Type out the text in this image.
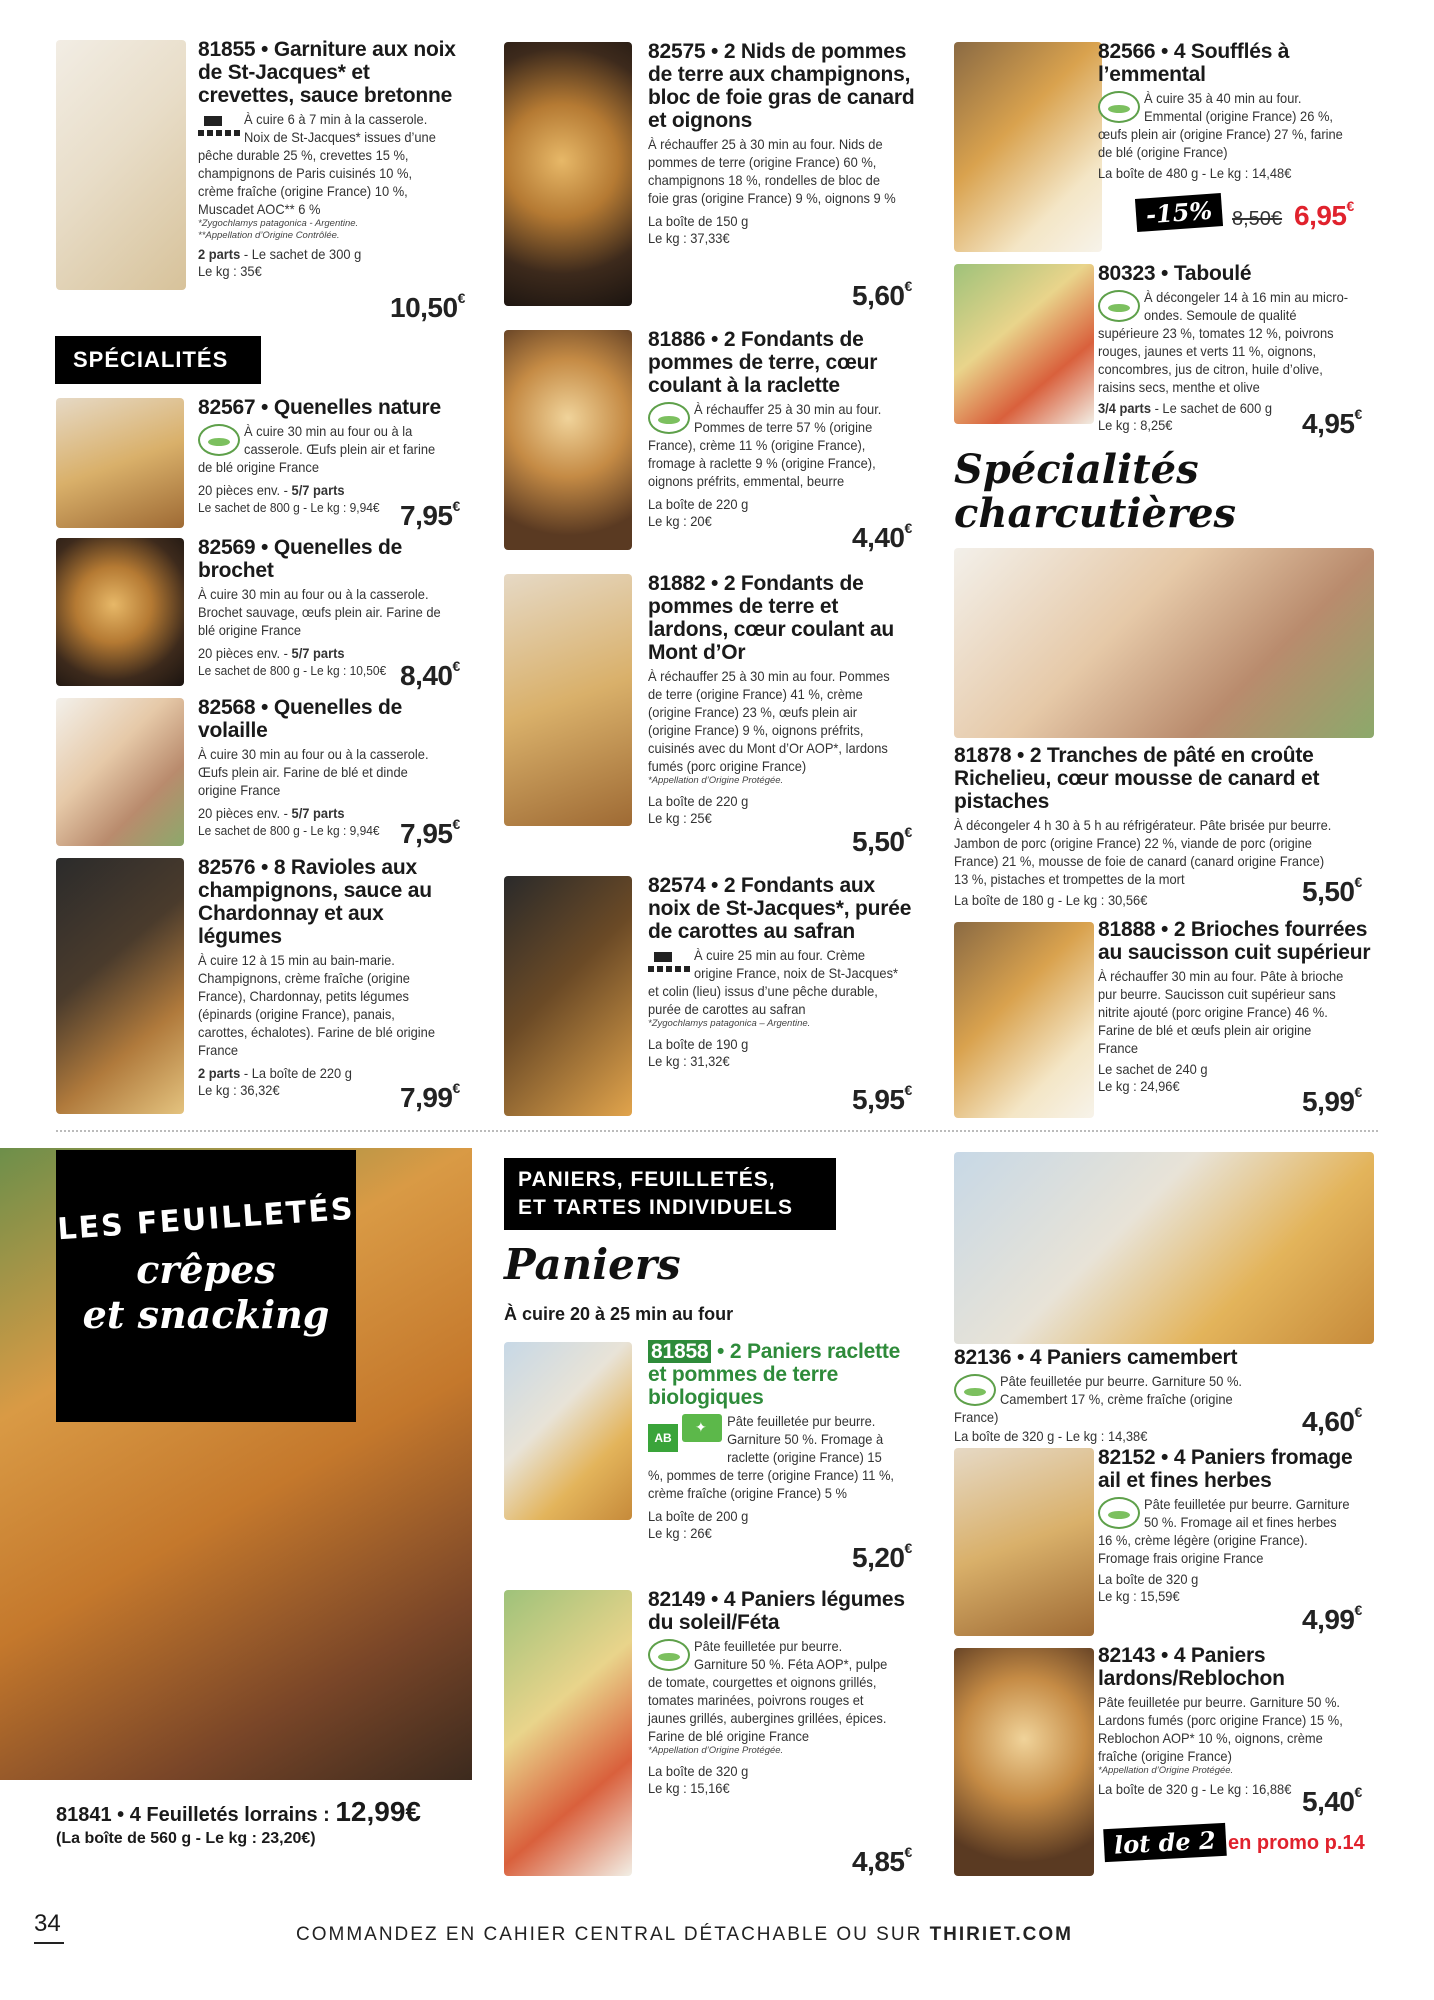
81855 • Garniture aux noix de St-Jacques* et crevettes, sauce bretonne

À cuire 6 à 7 min à la casserole. Noix de St-Jacques* issues d’une pêche durable 25 %, crevettes 15 %, champignons de Paris cuisinés 10 %, crème fraîche (origine France) 10 %, Muscadet AOC** 6 %

*Zygochlamys patagonica - Argentine.
**Appellation d’Origine Contrôlée.
2 parts - Le sachet de 300 g
Le kg : 35€
10,50€
SPÉCIALITÉS
82567 • Quenelles nature

À cuire 30 min au four ou à la casserole. Œufs plein air et farine de blé origine France

20 pièces env. - 5/7 parts
Le sachet de 800 g - Le kg : 9,94€ 7,95€
82569 • Quenelles de brochet

À cuire 30 min au four ou à la casserole. Brochet sauvage, œufs plein air. Farine de blé origine France

20 pièces env. - 5/7 parts
Le sachet de 800 g - Le kg : 10,50€ 8,40€
82568 • Quenelles de volaille

À cuire 30 min au four ou à la casserole. Œufs plein air. Farine de blé et dinde origine France

20 pièces env. - 5/7 parts
Le sachet de 800 g - Le kg : 9,94€ 7,95€
82576 • 8 Ravioles aux champignons, sauce au Chardonnay et aux légumes

À cuire 12 à 15 min au bain-marie. Champignons, crème fraîche (origine France), Chardonnay, petits légumes (épinards (origine France), panais, carottes, échalotes). Farine de blé origine France

2 parts - La boîte de 220 g
Le kg : 36,32€	7,99€
82575 • 2 Nids de pommes de terre aux champignons, bloc de foie gras de canard et oignons

À réchauffer 25 à 30 min au four. Nids de pommes de terre (origine France) 60 %, champignons 18 %, rondelles de bloc de foie gras (origine France) 9 %, oignons 9 %

La boîte de 150 g
Le kg : 37,33€
5,60€
81886 • 2 Fondants de pommes de terre, cœur coulant à la raclette

À réchauffer 25 à 30 min au four. Pommes de terre 57 % (origine France), crème 11 % (origine France), fromage à raclette 9 % (origine France), oignons préfrits, emmental, beurre

La boîte de 220 g
Le kg : 20€
4,40€
81882 • 2 Fondants de pommes de terre et lardons, cœur coulant au Mont d’Or

À réchauffer 25 à 30 min au four. Pommes de terre (origine France) 41 %, crème (origine France) 23 %, œufs plein air (origine France) 9 %, oignons préfrits, cuisinés avec du Mont d’Or AOP*, lardons fumés (porc origine France)

*Appellation d’Origine Protégée.
La boîte de 220 g
Le kg : 25€
5,50€
82574 • 2 Fondants aux noix de St-Jacques*, purée de carottes au safran

À cuire 25 min au four. Crème origine France, noix de St-Jacques* et colin (lieu) issus d’une pêche durable, purée de carottes au safran

*Zygochlamys patagonica – Argentine.
La boîte de 190 g
Le kg : 31,32€
5,95€
PANIERS, FEUILLETÉS,
ET TARTES INDIVIDUELS
Paniers
À cuire 20 à 25 min au four
81858 • 2 Paniers raclette et pommes de terre biologiques
AB✦

Pâte feuilletée pur beurre. Garniture 50 %. Fromage à raclette (origine France) 15 %, pommes de terre (origine France) 11 %, crème fraîche (origine France) 5 %

La boîte de 200 g
Le kg : 26€
5,20€
82149 • 4 Paniers légumes du soleil/Féta

Pâte feuilletée pur beurre. Garniture 50 %. Féta AOP*, pulpe de tomate, courgettes et oignons grillés, tomates marinées, poivrons rouges et jaunes grillés, aubergines grillées, épices. Farine de blé origine France

*Appellation d’Origine Protégée.
La boîte de 320 g
Le kg : 15,16€
4,85€
82566 • 4 Soufflés à l’emmental

À cuire 35 à 40 min au four. Emmental (origine France) 26 %, œufs plein air (origine France) 27 %, farine de blé (origine France)

La boîte de 480 g - Le kg : 14,48€
-15% 8,50€ 6,95€
80323 • Taboulé

À décongeler 14 à 16 min au micro-ondes. Semoule de qualité supérieure 23 %, tomates 12 %, poivrons rouges, jaunes et verts 11 %, oignons, concombres, jus de citron, huile d’olive, raisins secs, menthe et olive

3/4 parts - Le sachet de 600 g
Le kg : 8,25€	4,95€
Spécialités
charcutières
81878 • 2 Tranches de pâté en croûte Richelieu, cœur mousse de canard et pistaches

À décongeler 4 h 30 à 5 h au réfrigérateur. Pâte brisée pur beurre. Jambon de porc (origine France) 22 %, viande de porc (origine France) 21 %, mousse de foie de canard (canard origine France) 13 %, pistaches et trompettes de la mort

La boîte de 180 g - Le kg : 30,56€	5,50€
81888 • 2 Brioches fourrées au saucisson cuit supérieur

À réchauffer 30 min au four. Pâte à brioche pur beurre. Saucisson cuit supérieur sans nitrite ajouté (porc origine France) 46 %. Farine de blé et œufs plein air origine France

Le sachet de 240 g
Le kg : 24,96€	5,99€
82136 • 4 Paniers camembert

Pâte feuilletée pur beurre. Garniture 50 %. Camembert 17 %, crème fraîche (origine France)

La boîte de 320 g - Le kg : 14,38€	4,60€
82152 • 4 Paniers fromage ail et fines herbes

Pâte feuilletée pur beurre. Garniture 50 %. Fromage ail et fines herbes 16 %, crème légère (origine France). Fromage frais origine France

La boîte de 320 g
Le kg : 15,59€
4,99€
82143 • 4 Paniers lardons/Reblochon

Pâte feuilletée pur beurre. Garniture 50 %. Lardons fumés (porc origine France) 15 %, Reblochon AOP* 10 %, oignons, crème fraîche (origine France)

*Appellation d’Origine Protégée.
La boîte de 320 g - Le kg : 16,88€ 5,40€
lot de 2 en promo p.14
LES FEUILLETÉS
crêpes
et snacking
81841 • 4 Feuilletés lorrains : 12,99€
(La boîte de 560 g - Le kg : 23,20€)
34	COMMANDEZ EN CAHIER CENTRAL DÉTACHABLE OU SUR THIRIET.COM
